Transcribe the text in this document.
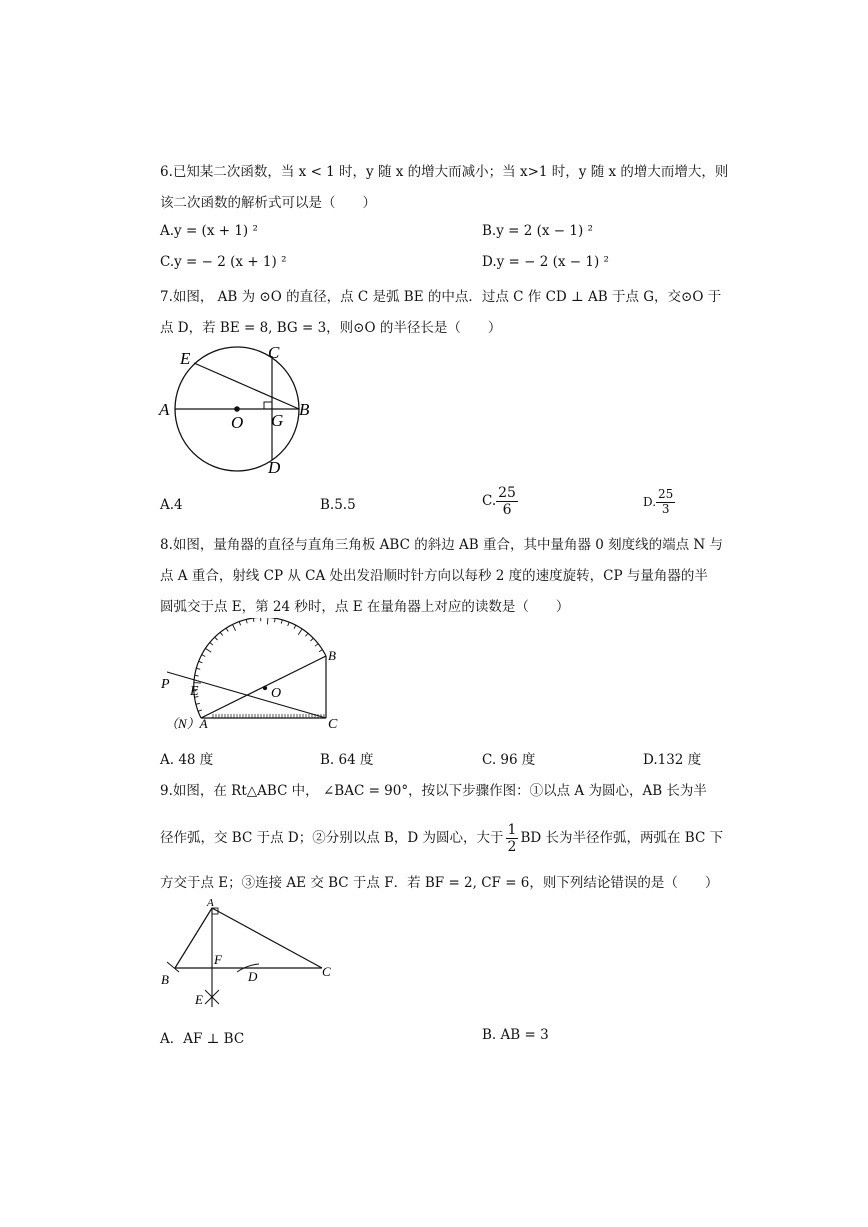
6.已知某二次函数，当 x < 1 时，y 随 x 的增大而减小；当 x>1 时，y 随 x 的增大而增大，则
该二次函数的解析式可以是（　　）
A.y = (x + 1) ²	B.y = 2 (x − 1) ²
C.y = − 2 (x + 1) ²	D.y = − 2 (x − 1) ²
7.如图， AB 为 ⊙O 的直径，点 C 是弧 BE 的中点．过点 C 作 CD ⊥ AB 于点 G，交⊙O 于
点 D，若 BE = 8, BG = 3，则⊙O 的半径长是（　　）
E	C
A
O G
B
D
A.4	B.5.5	C. $\frac{25}{6}$	D. $\frac{25}{3}$
8.如图，量角器的直径与直角三角板 ABC 的斜边 AB 重合，其中量角器 0 刻度线的端点 N 与
点 A 重合，射线 CP 从 CA 处出发沿顺时针方向以每秒 2 度的速度旋转，CP 与量角器的半
圆弧交于点 E，第 24 秒时，点 E 在量角器上对应的读数是（　　）
P E	O
B
（N）A	C
A. 48 度	B. 64 度	C. 96 度	D.132 度
9.如图，在 Rt△ABC 中， ∠BAC = 90°，按以下步骤作图：①以点 A 为圆心，AB 长为半
径作弧，交 BC 于点 D；②分别以点 B，D 为圆心，大于 $\frac{1}{2}$ BD 长为半径作弧，两弧在 BC 下
方交于点 E；③连接 AE 交 BC 于点 F．若 BF = 2, CF = 6，则下列结论错误的是（　　）
A
B
F
D	C
E
A．AF ⊥ BC	B. AB = 3
